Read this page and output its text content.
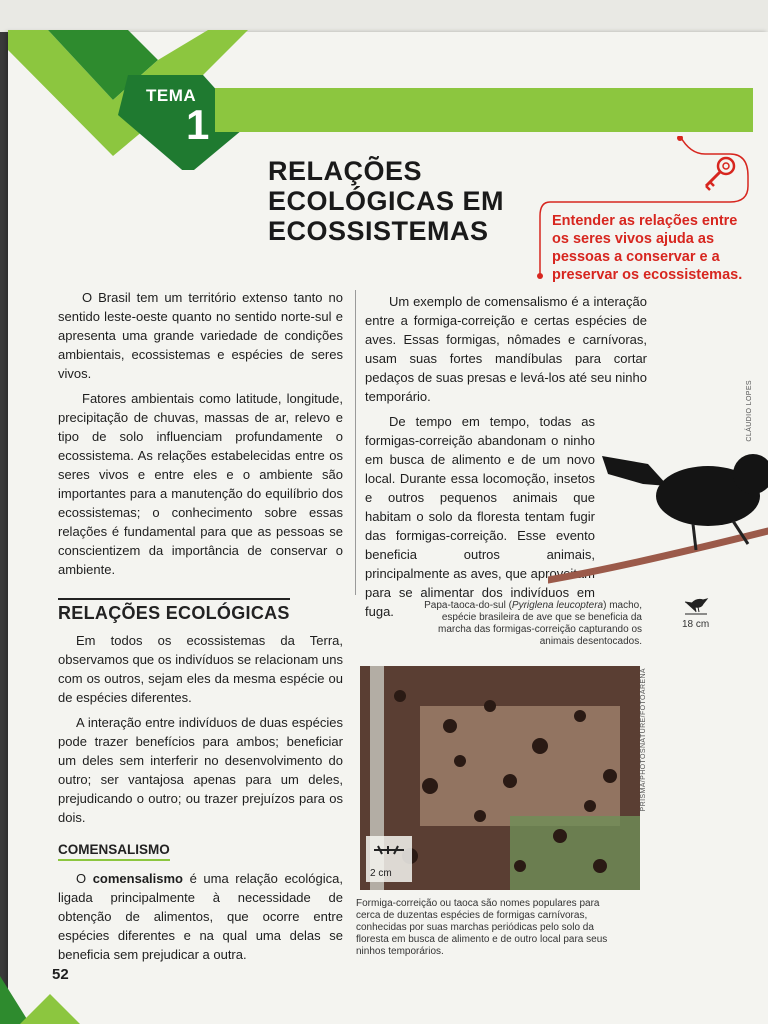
TEMA
1
RELAÇÕES
ECOLÓGICAS EM
ECOSSISTEMAS	Entender as relações entre os seres vivos ajuda as pessoas a conservar e a preservar os ecossistemas.

O Brasil tem um território extenso tanto no sentido leste-oeste quanto no sentido norte-sul e apresenta uma grande variedade de condições ambientais, ecossistemas e espécies de seres vivos.

Fatores ambientais como latitude, longitude, precipitação de chuvas, massas de ar, relevo e tipo de solo influenciam profundamente o ecossistema. As relações estabelecidas entre os seres vivos e entre eles e o ambiente são importantes para a manutenção do equilíbrio dos ecossistemas; o conhecimento sobre essas relações é fundamental para que as pessoas se conscientizem da importância de conservar o ambiente.

Um exemplo de comensalismo é a interação entre a formiga-correição e certas espécies de aves. Essas formigas, nômades e carnívoras, usam suas fortes mandíbulas para cortar pedaços de suas presas e levá-los até seu ninho temporário.

De tempo em tempo, todas as formigas-correição abandonam o ninho em busca de alimento e de um novo local. Durante essa locomoção, insetos e outros pequenos animais que habitam o solo da floresta tentam fugir das formigas-correição. Esse evento beneficia outros animais, principalmente as aves, que aproveitam para se alimentar dos indivíduos em fuga.

RELAÇÕES ECOLÓGICAS

Em todos os ecossistemas da Terra, observamos que os indivíduos se relacionam uns com os outros, sejam eles da mesma espécie ou de espécies diferentes.

A interação entre indivíduos de duas espécies pode trazer benefícios para ambos; beneficiar um deles sem interferir no desenvolvimento do outro; ser vantajosa apenas para um deles, prejudicando o outro; ou trazer prejuízos para os dois.

COMENSALISMO

O comensalismo é uma relação ecológica, ligada principalmente à necessidade de obtenção de alimentos, que ocorre entre espécies diferentes e na qual uma delas se beneficia sem prejudicar a outra.

CLÁUDIO LOPES
Papa-taoca-do-sul (Pyriglena leucoptera) macho, espécie brasileira de ave que se beneficia da marcha das formigas-correição capturando os animais desentocados.
18 cm
2 cm
PRISMA/PHOTOSNATURE/FOTOARENA
Formiga-correição ou taoca são nomes populares para cerca de duzentas espécies de formigas carnívoras, conhecidas por suas marchas periódicas pelo solo da floresta em busca de alimento e de outro local para seus ninhos temporários.
52
